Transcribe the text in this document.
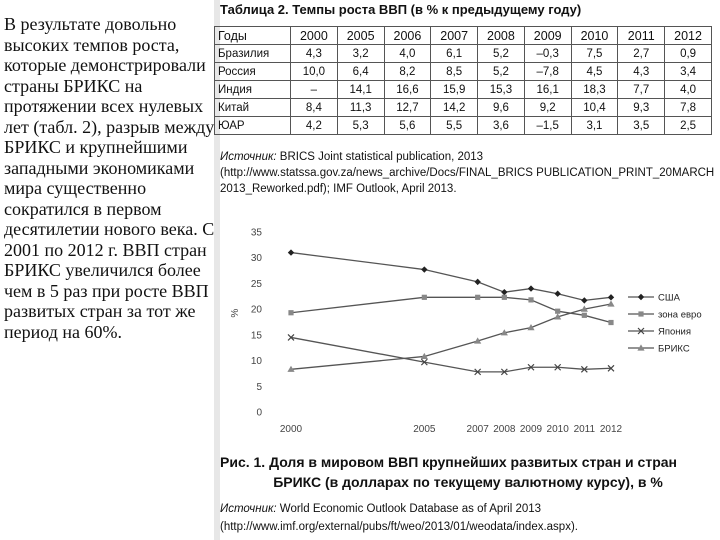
В результате довольно высоких темпов роста, которые демонстрировали страны БРИКС на протяжении всех нулевых лет (табл. 2), разрыв между БРИКС и крупнейшими западными экономиками мира существенно сократился в первом десятилетии нового века. С 2001 по 2012 г. ВВП стран БРИКС увеличился более чем в 5 раз при росте ВВП развитых стран за тот же период на 60%.
Таблица 2. Темпы роста ВВП (в % к предыдущему году)
Годы	2000	2005	2006	2007	2008	2009	2010	2011	2012
Бразилия	4,3	3,2	4,0	6,1	5,2	–0,3	7,5	2,7	0,9
Россия	10,0	6,4	8,2	8,5	5,2	–7,8	4,5	4,3	3,4
Индия	–	14,1	16,6	15,9	15,3	16,1	18,3	7,7	4,0
Китай	8,4	11,3	12,7	14,2	9,6	9,2	10,4	9,3	7,8
ЮАР	4,2	5,3	5,6	5,5	3,6	–1,5	3,1	3,5	2,5
Источник: BRICS Joint statistical publication, 2013 (http://www.statssa.gov.za/news_archive/Docs/FINAL_BRICS PUBLICATION_PRINT_20MARCH 2013_Reworked.pdf); IMF Outlook, April 2013.
0
5
10
15
20
25
30
35
%
2000	2005	2007 2008 2009 2010 2011 2012
США
зона евро
Япония
БРИКС
Рис. 1. Доля в мировом ВВП крупнейших развитых стран и стран
БРИКС (в долларах по текущему валютному курсу), в %
Источник: World Economic Outlook Database as of April 2013 (http://www.imf.org/external/pubs/ft/weo/2013/01/weodata/index.aspx).
